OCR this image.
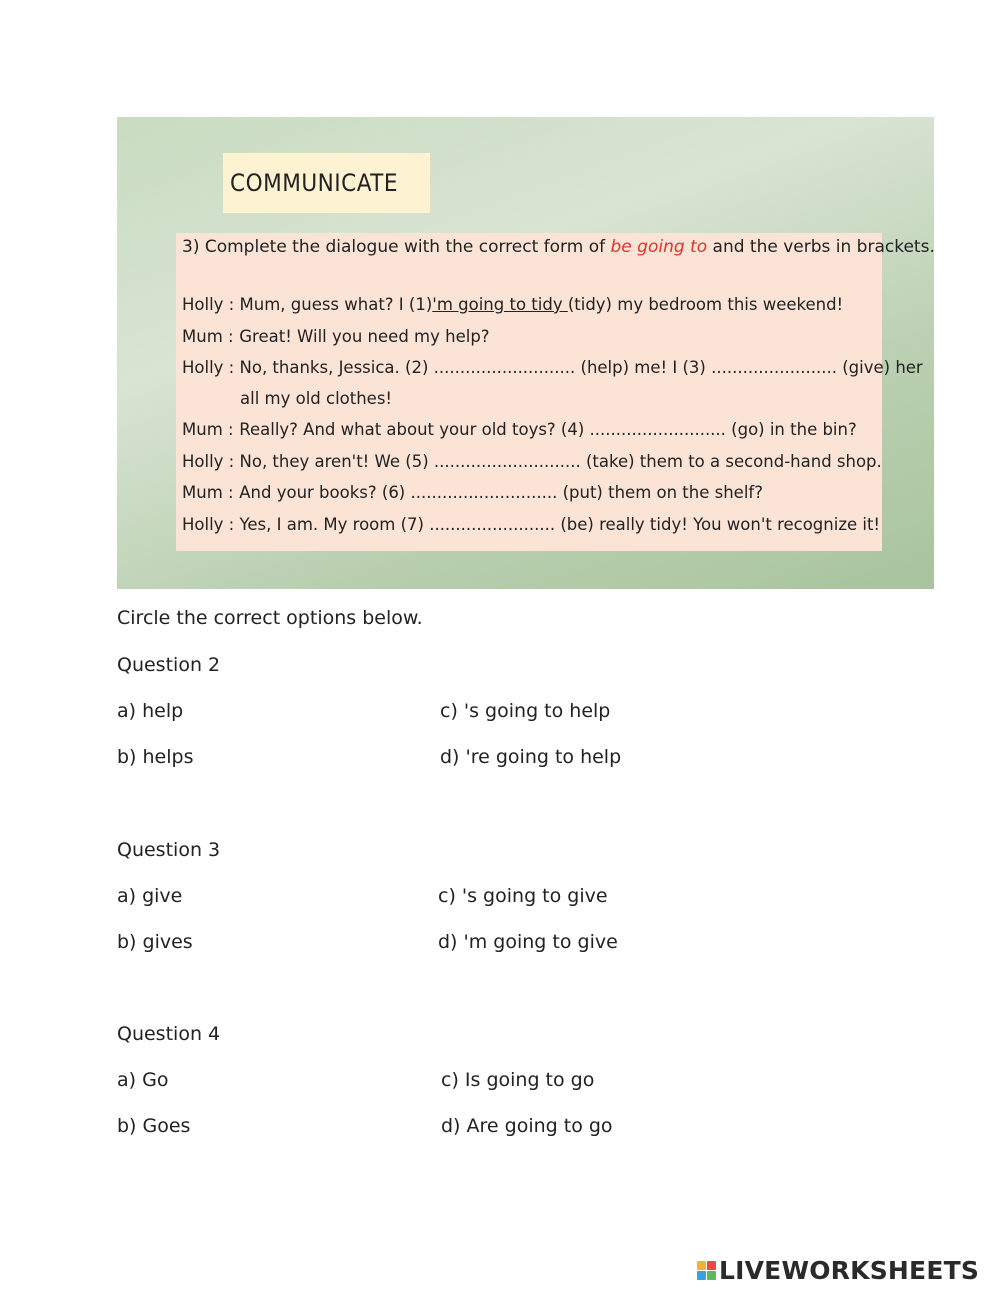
COMMUNICATE
3) Complete the dialogue with the correct form of be going to and the verbs in brackets.
Holly : Mum, guess what? I (1)'m going to tidy (tidy) my bedroom this weekend!
Mum : Great! Will you need my help?
Holly : No, thanks, Jessica. (2) ........................... (help) me! I (3) ........................ (give) her
all my old clothes!
Mum : Really? And what about your old toys? (4) .......................... (go) in the bin?
Holly : No, they aren't! We (5) ............................ (take) them to a second-hand shop.
Mum : And your books? (6) ............................ (put) them on the shelf?
Holly : Yes, I am. My room (7) ........................ (be) really tidy! You won't recognize it!
Circle the correct options below.
Question 2
a) help	c) 's going to help
b) helps	d) 're going to help
Question 3
a) give	c) 's going to give
b) gives	d) 'm going to give
Question 4
a) Go	c) Is going to go
b) Goes	d) Are going to go
LIVEWORKSHEETS
